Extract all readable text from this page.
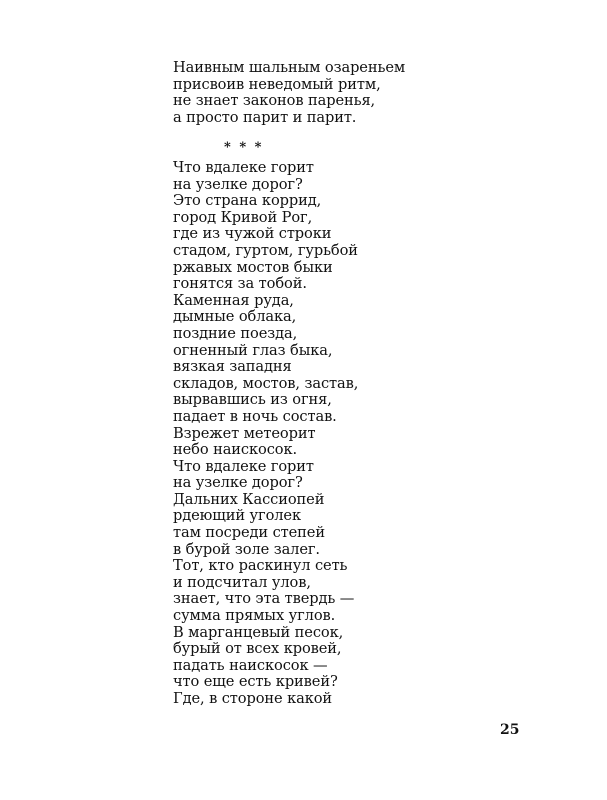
Наивным шальным озареньем
присвоив неведомый ритм,
не знает законов паренья,
а просто парит и парит.
* * *
Что вдалеке горит
на узелке дорог?
Это страна коррид,
город Кривой Рог,
где из чужой строки
стадом, гуртом, гурьбой
ржавых мостов быки
гонятся за тобой.
Каменная руда,
дымные облака,
поздние поезда,
огненный глаз быка,
вязкая западня
складов, мостов, застав,
вырвавшись из огня,
падает в ночь состав.
Взрежет метеорит
небо наискосок.
Что вдалеке горит
на узелке дорог?
Дальних Кассиопей
рдеющий уголек
там посреди степей
в бурой золе залег.
Тот, кто раскинул сеть
и подсчитал улов,
знает, что эта твердь —
сумма прямых углов.
В марганцевый песок,
бурый от всех кровей,
падать наискосок —
что еще есть кривей?
Где, в стороне какой
25
